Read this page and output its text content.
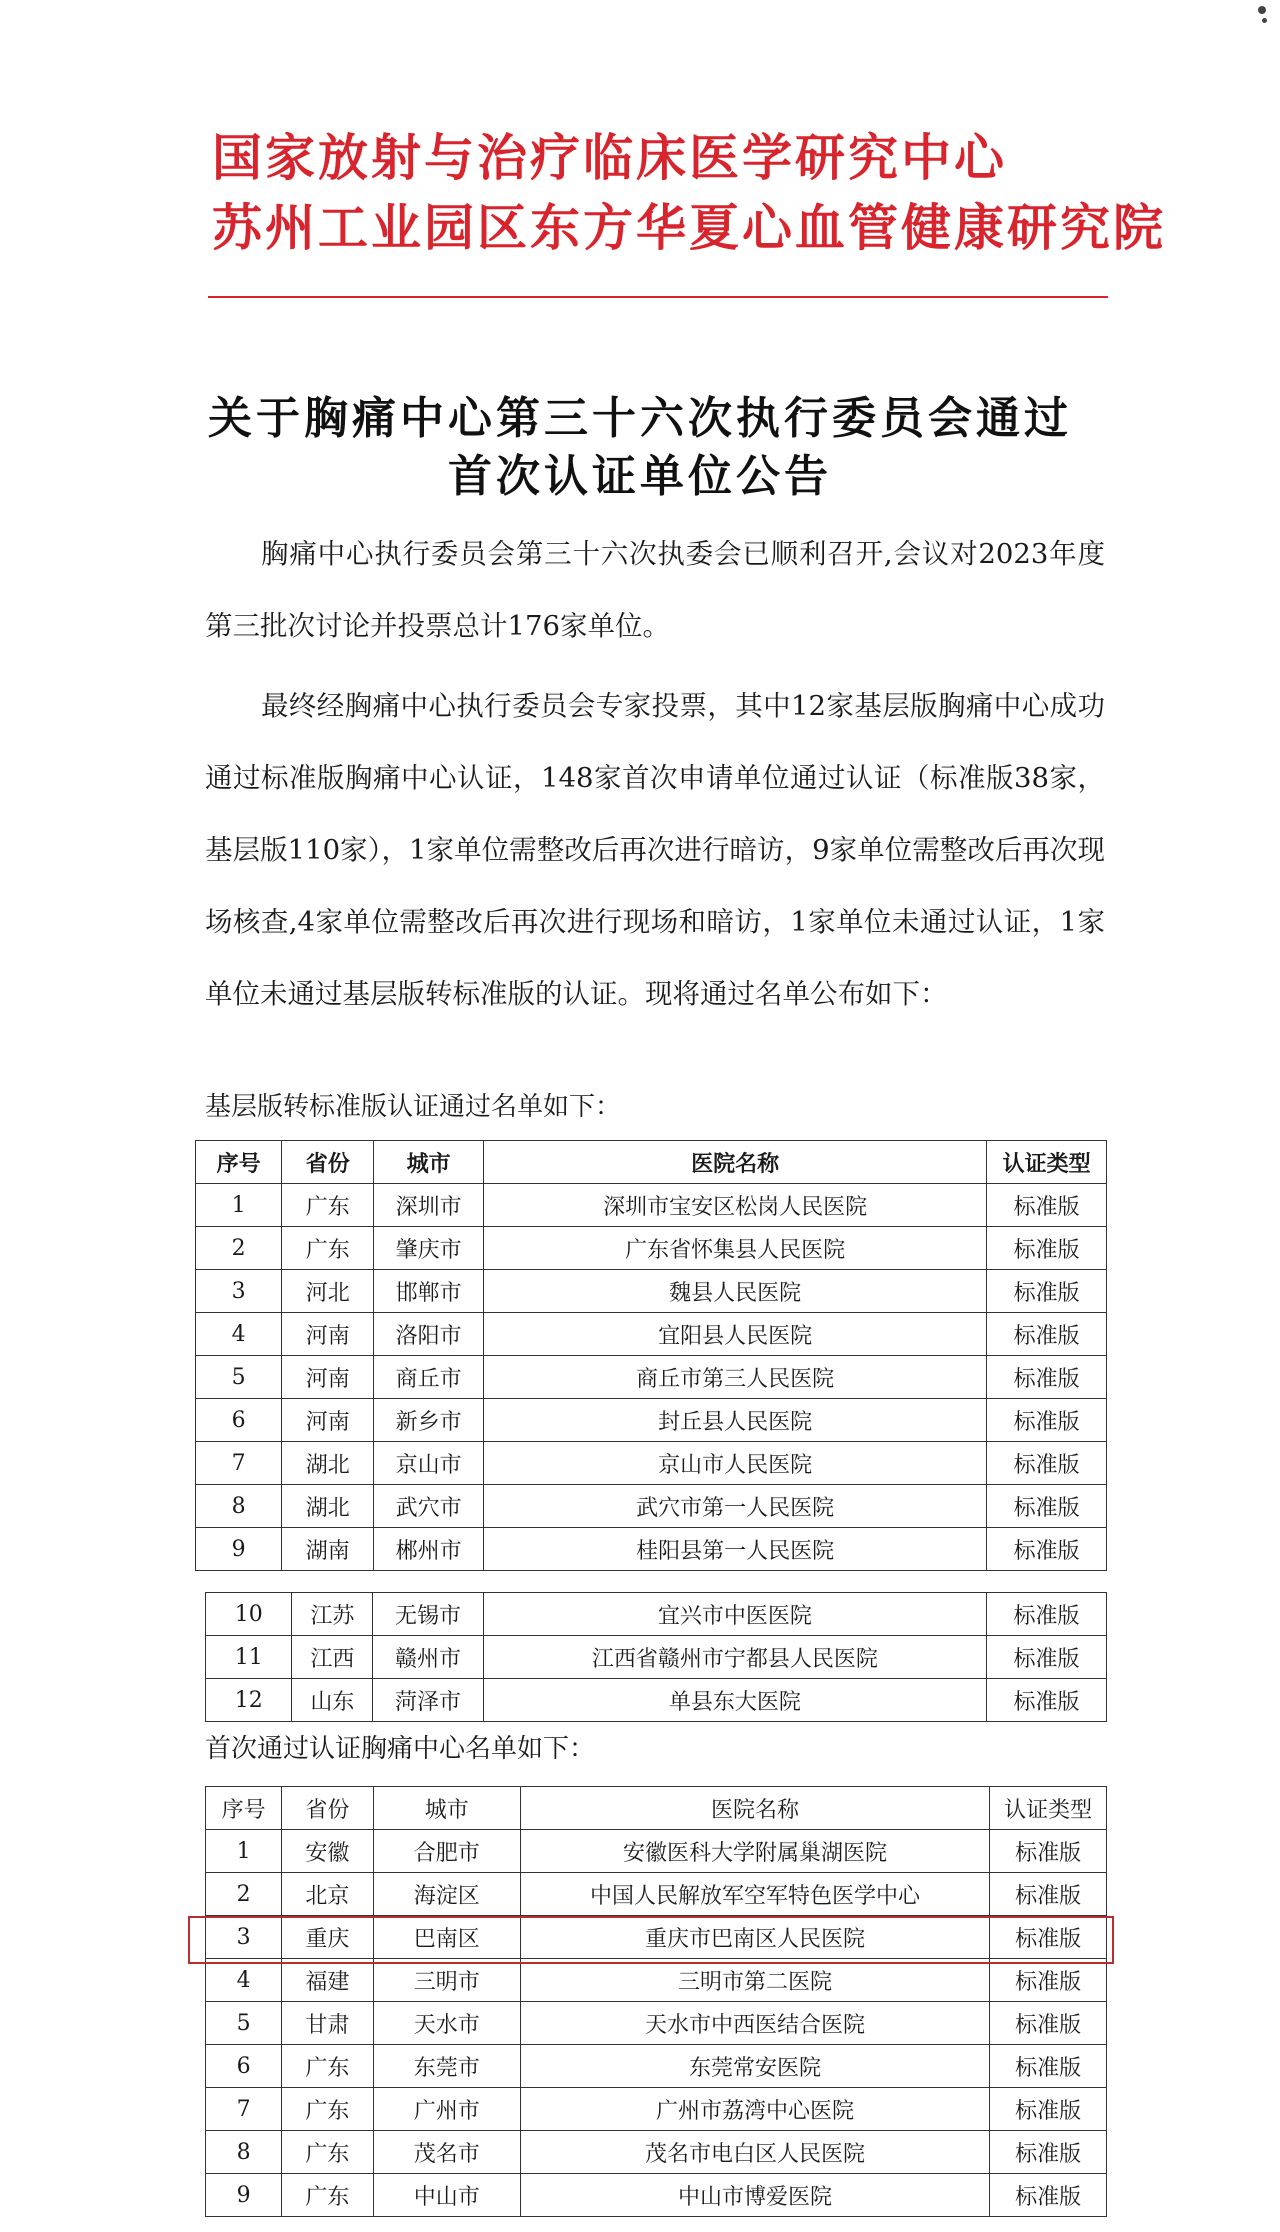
国家放射与治疗临床医学研究中心
苏州工业园区东方华夏心血管健康研究院
关于胸痛中心第三十六次执行委员会通过
首次认证单位公告
胸痛中心执行委员会第三十六次执委会已顺利召开,会议对2023年度第三批次讨论并投票总计176家单位。
最终经胸痛中心执行委员会专家投票，其中12家基层版胸痛中心成功通过标准版胸痛中心认证，148家首次申请单位通过认证（标准版38家，基层版110家），1家单位需整改后再次进行暗访，9家单位需整改后再次现场核查,4家单位需整改后再次进行现场和暗访，1家单位未通过认证，1家单位未通过基层版转标准版的认证。现将通过名单公布如下：
基层版转标准版认证通过名单如下：
序号	省份	城市	医院名称	认证类型
1	广东	深圳市	深圳市宝安区松岗人民医院	标准版
2	广东	肇庆市	广东省怀集县人民医院	标准版
3	河北	邯郸市	魏县人民医院	标准版
4	河南	洛阳市	宜阳县人民医院	标准版
5	河南	商丘市	商丘市第三人民医院	标准版
6	河南	新乡市	封丘县人民医院	标准版
7	湖北	京山市	京山市人民医院	标准版
8	湖北	武穴市	武穴市第一人民医院	标准版
9	湖南	郴州市	桂阳县第一人民医院	标准版
10	江苏	无锡市	宜兴市中医医院	标准版
11	江西	赣州市	江西省赣州市宁都县人民医院	标准版
12	山东	菏泽市	单县东大医院	标准版
首次通过认证胸痛中心名单如下：
序号	省份	城市	医院名称	认证类型
1	安徽	合肥市	安徽医科大学附属巢湖医院	标准版
2	北京	海淀区	中国人民解放军空军特色医学中心	标准版
3	重庆	巴南区	重庆市巴南区人民医院	标准版
4	福建	三明市	三明市第二医院	标准版
5	甘肃	天水市	天水市中西医结合医院	标准版
6	广东	东莞市	东莞常安医院	标准版
7	广东	广州市	广州市荔湾中心医院	标准版
8	广东	茂名市	茂名市电白区人民医院	标准版
9	广东	中山市	中山市博爱医院	标准版
